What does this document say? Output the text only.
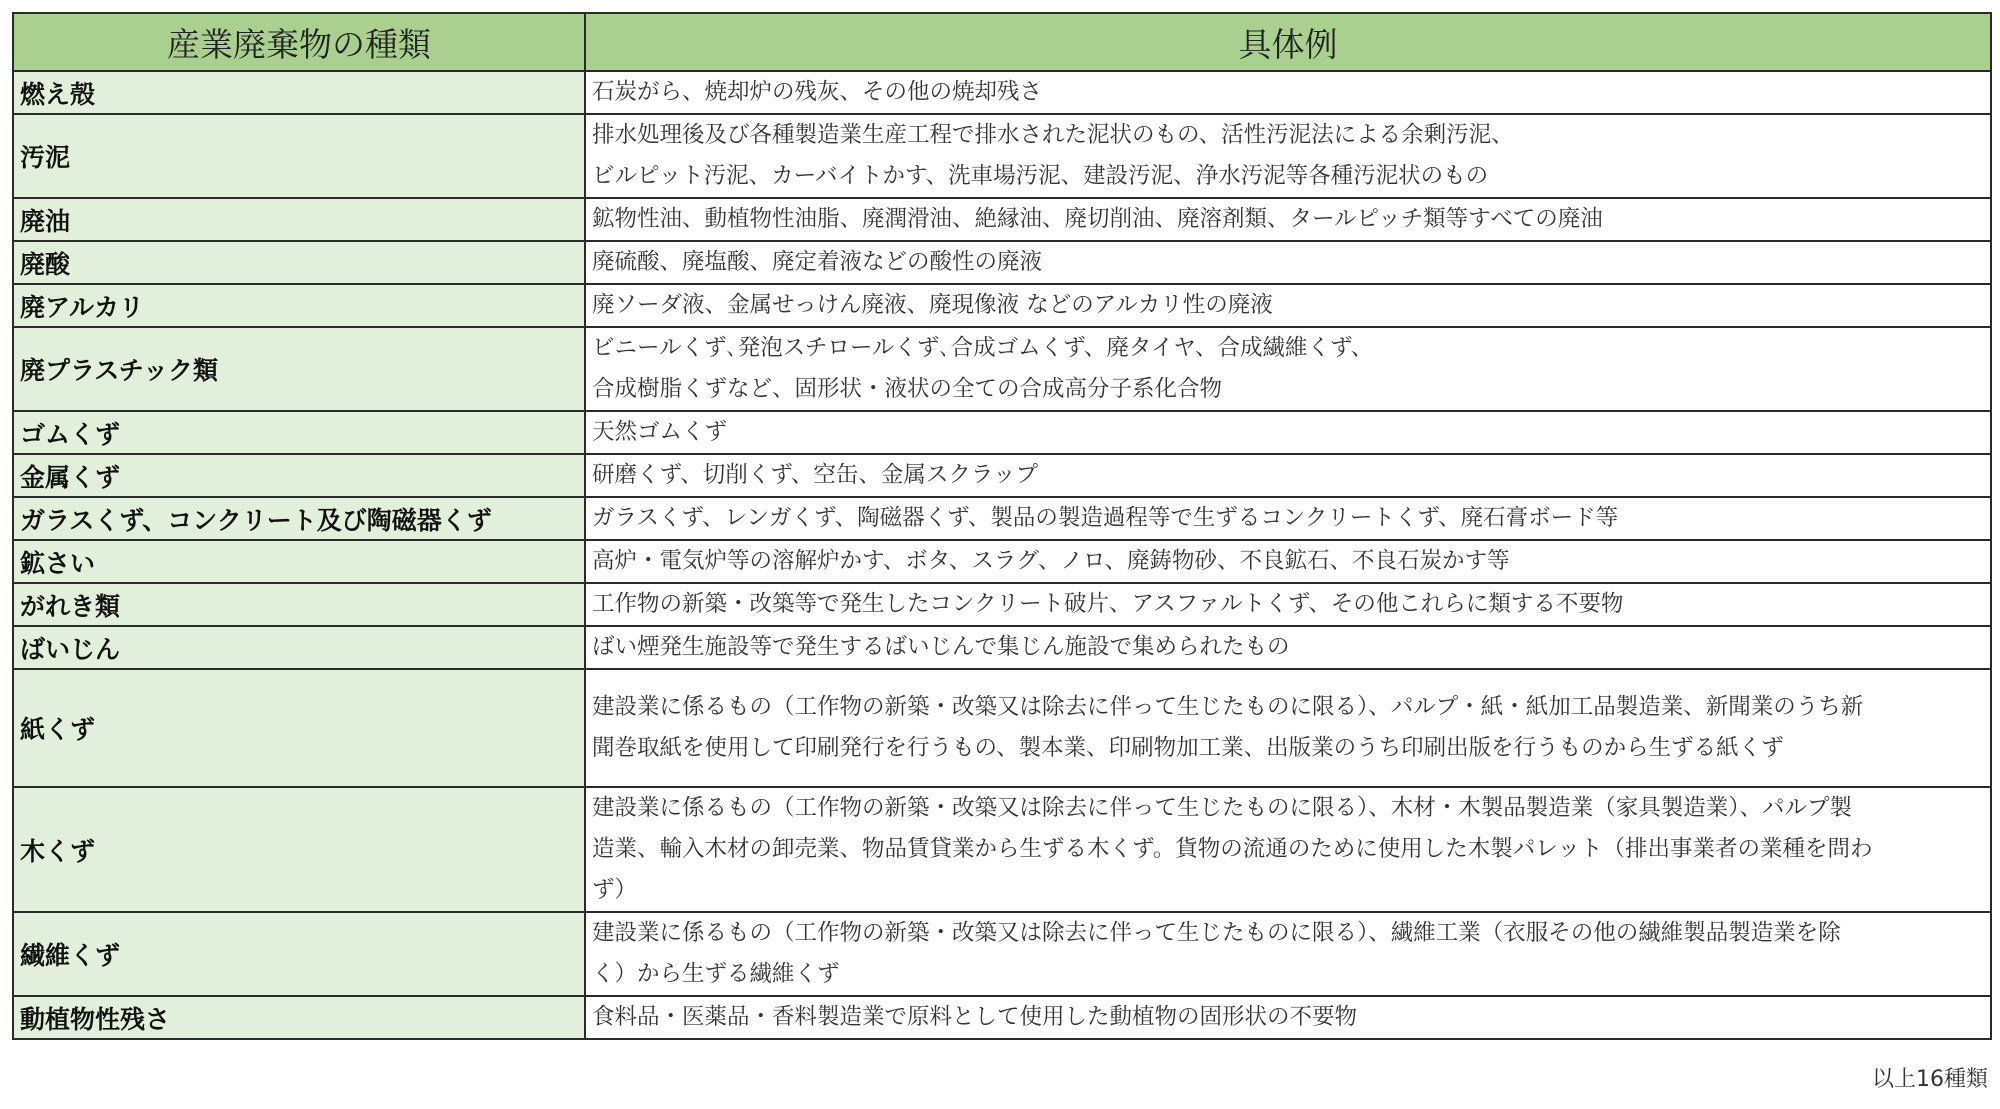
産業廃棄物の種類	具体例
燃え殻	石炭がら、焼却炉の残灰、その他の焼却残さ

汚泥	排水処理後及び各種製造業生産工程で排水された泥状のもの、活性汚泥法による余剰汚泥、
ビルピット汚泥、カーバイトかす、洗車場汚泥、建設汚泥、浄水汚泥等各種汚泥状のもの

廃油	鉱物性油、動植物性油脂、廃潤滑油、絶縁油、廃切削油、廃溶剤類、タールピッチ類等すべての廃油

廃酸	廃硫酸、廃塩酸、廃定着液などの酸性の廃液

廃アルカリ	廃ソーダ液、金属せっけん廃液、廃現像液 などのアルカリ性の廃液

廃プラスチック類	ビニールくず､発泡スチロールくず､合成ゴムくず、廃タイヤ、合成繊維くず、
合成樹脂くずなど、固形状・液状の全ての合成高分子系化合物

ゴムくず	天然ゴムくず

金属くず	研磨くず、切削くず、空缶、金属スクラップ

ガラスくず、コンクリート及び陶磁器くず	ガラスくず、レンガくず、陶磁器くず、製品の製造過程等で生ずるコンクリートくず、廃石膏ボード等

鉱さい	高炉・電気炉等の溶解炉かす、ボタ、スラグ、ノロ、廃鋳物砂、不良鉱石、不良石炭かす等

がれき類	工作物の新築・改築等で発生したコンクリート破片、アスファルトくず、その他これらに類する不要物

ばいじん	ばい煙発生施設等で発生するばいじんで集じん施設で集められたもの

紙くず	建設業に係るもの（工作物の新築・改築又は除去に伴って生じたものに限る）、パルプ・紙・紙加工品製造業、新聞業のうち新
聞巻取紙を使用して印刷発行を行うもの、製本業、印刷物加工業、出版業のうち印刷出版を行うものから生ずる紙くず

木くず	建設業に係るもの（工作物の新築・改築又は除去に伴って生じたものに限る）、木材・木製品製造業（家具製造業）、パルプ製
造業、輸入木材の卸売業、物品賃貸業から生ずる木くず。貨物の流通のために使用した木製パレット（排出事業者の業種を問わ
ず）

繊維くず	建設業に係るもの（工作物の新築・改築又は除去に伴って生じたものに限る）、繊維工業（衣服その他の繊維製品製造業を除
く）から生ずる繊維くず

動植物性残さ	食料品・医薬品・香料製造業で原料として使用した動植物の固形状の不要物
以上16種類
